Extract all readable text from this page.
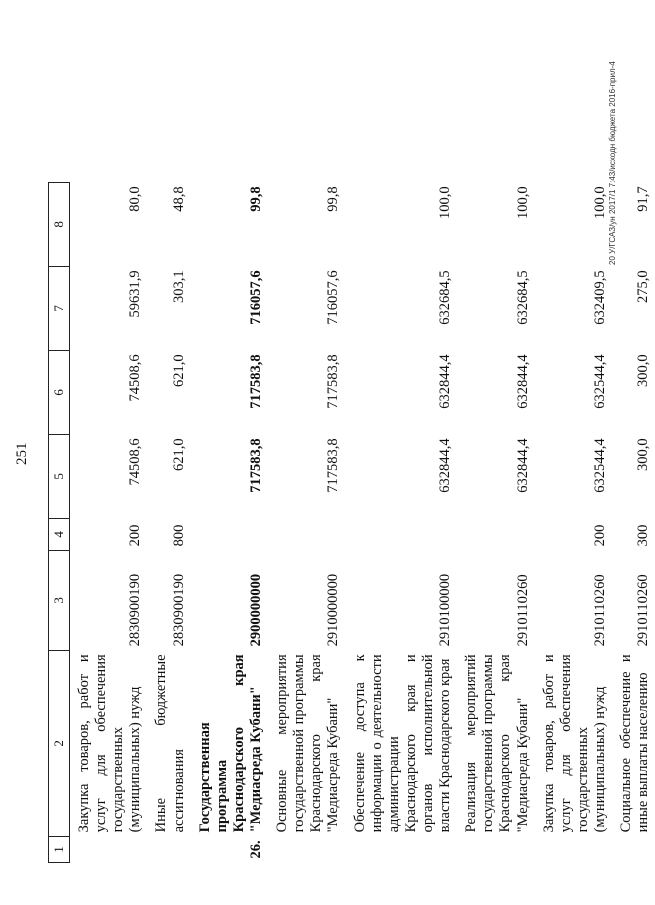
251
1	2	3	4	5	6	7	8
	Закупка товаров, работ и услуг для обеспечения государственных (муниципальных) нужд	2830900190	200	74508,6	74508,6	59631,9	80,0
	Иные бюджетные ассигнования	2830900190	800	621,0	621,0	303,1	48,8
26.	Государственная программа Краснодарского края "Медиасреда Кубани"	2900000000		717583,8	717583,8	716057,6	99,8
	Основные мероприятия государственной программы Краснодарского края "Медиасреда Кубани"	2910000000		717583,8	717583,8	716057,6	99,8
	Обеспечение доступа к информации о деятельности администрации Краснодарского края и органов исполнительной власти Краснодарского края	2910100000		632844,4	632844,4	632684,5	100,0
	Реализация мероприятий государственной программы Краснодарского края "Медиасреда Кубани"	2910110260		632844,4	632844,4	632684,5	100,0
	Закупка товаров, работ и услуг для обеспечения государственных (муниципальных) нужд	2910110260	200	632544,4	632544,4	632409,5	100,0
	Социальное обеспечение и иные выплаты населению	2910110260	300	300,0	300,0	275,0	91,7
20 У/ГСАЗ/ун 2017/1 7:43/исходн бюджета 2016-прил-4
